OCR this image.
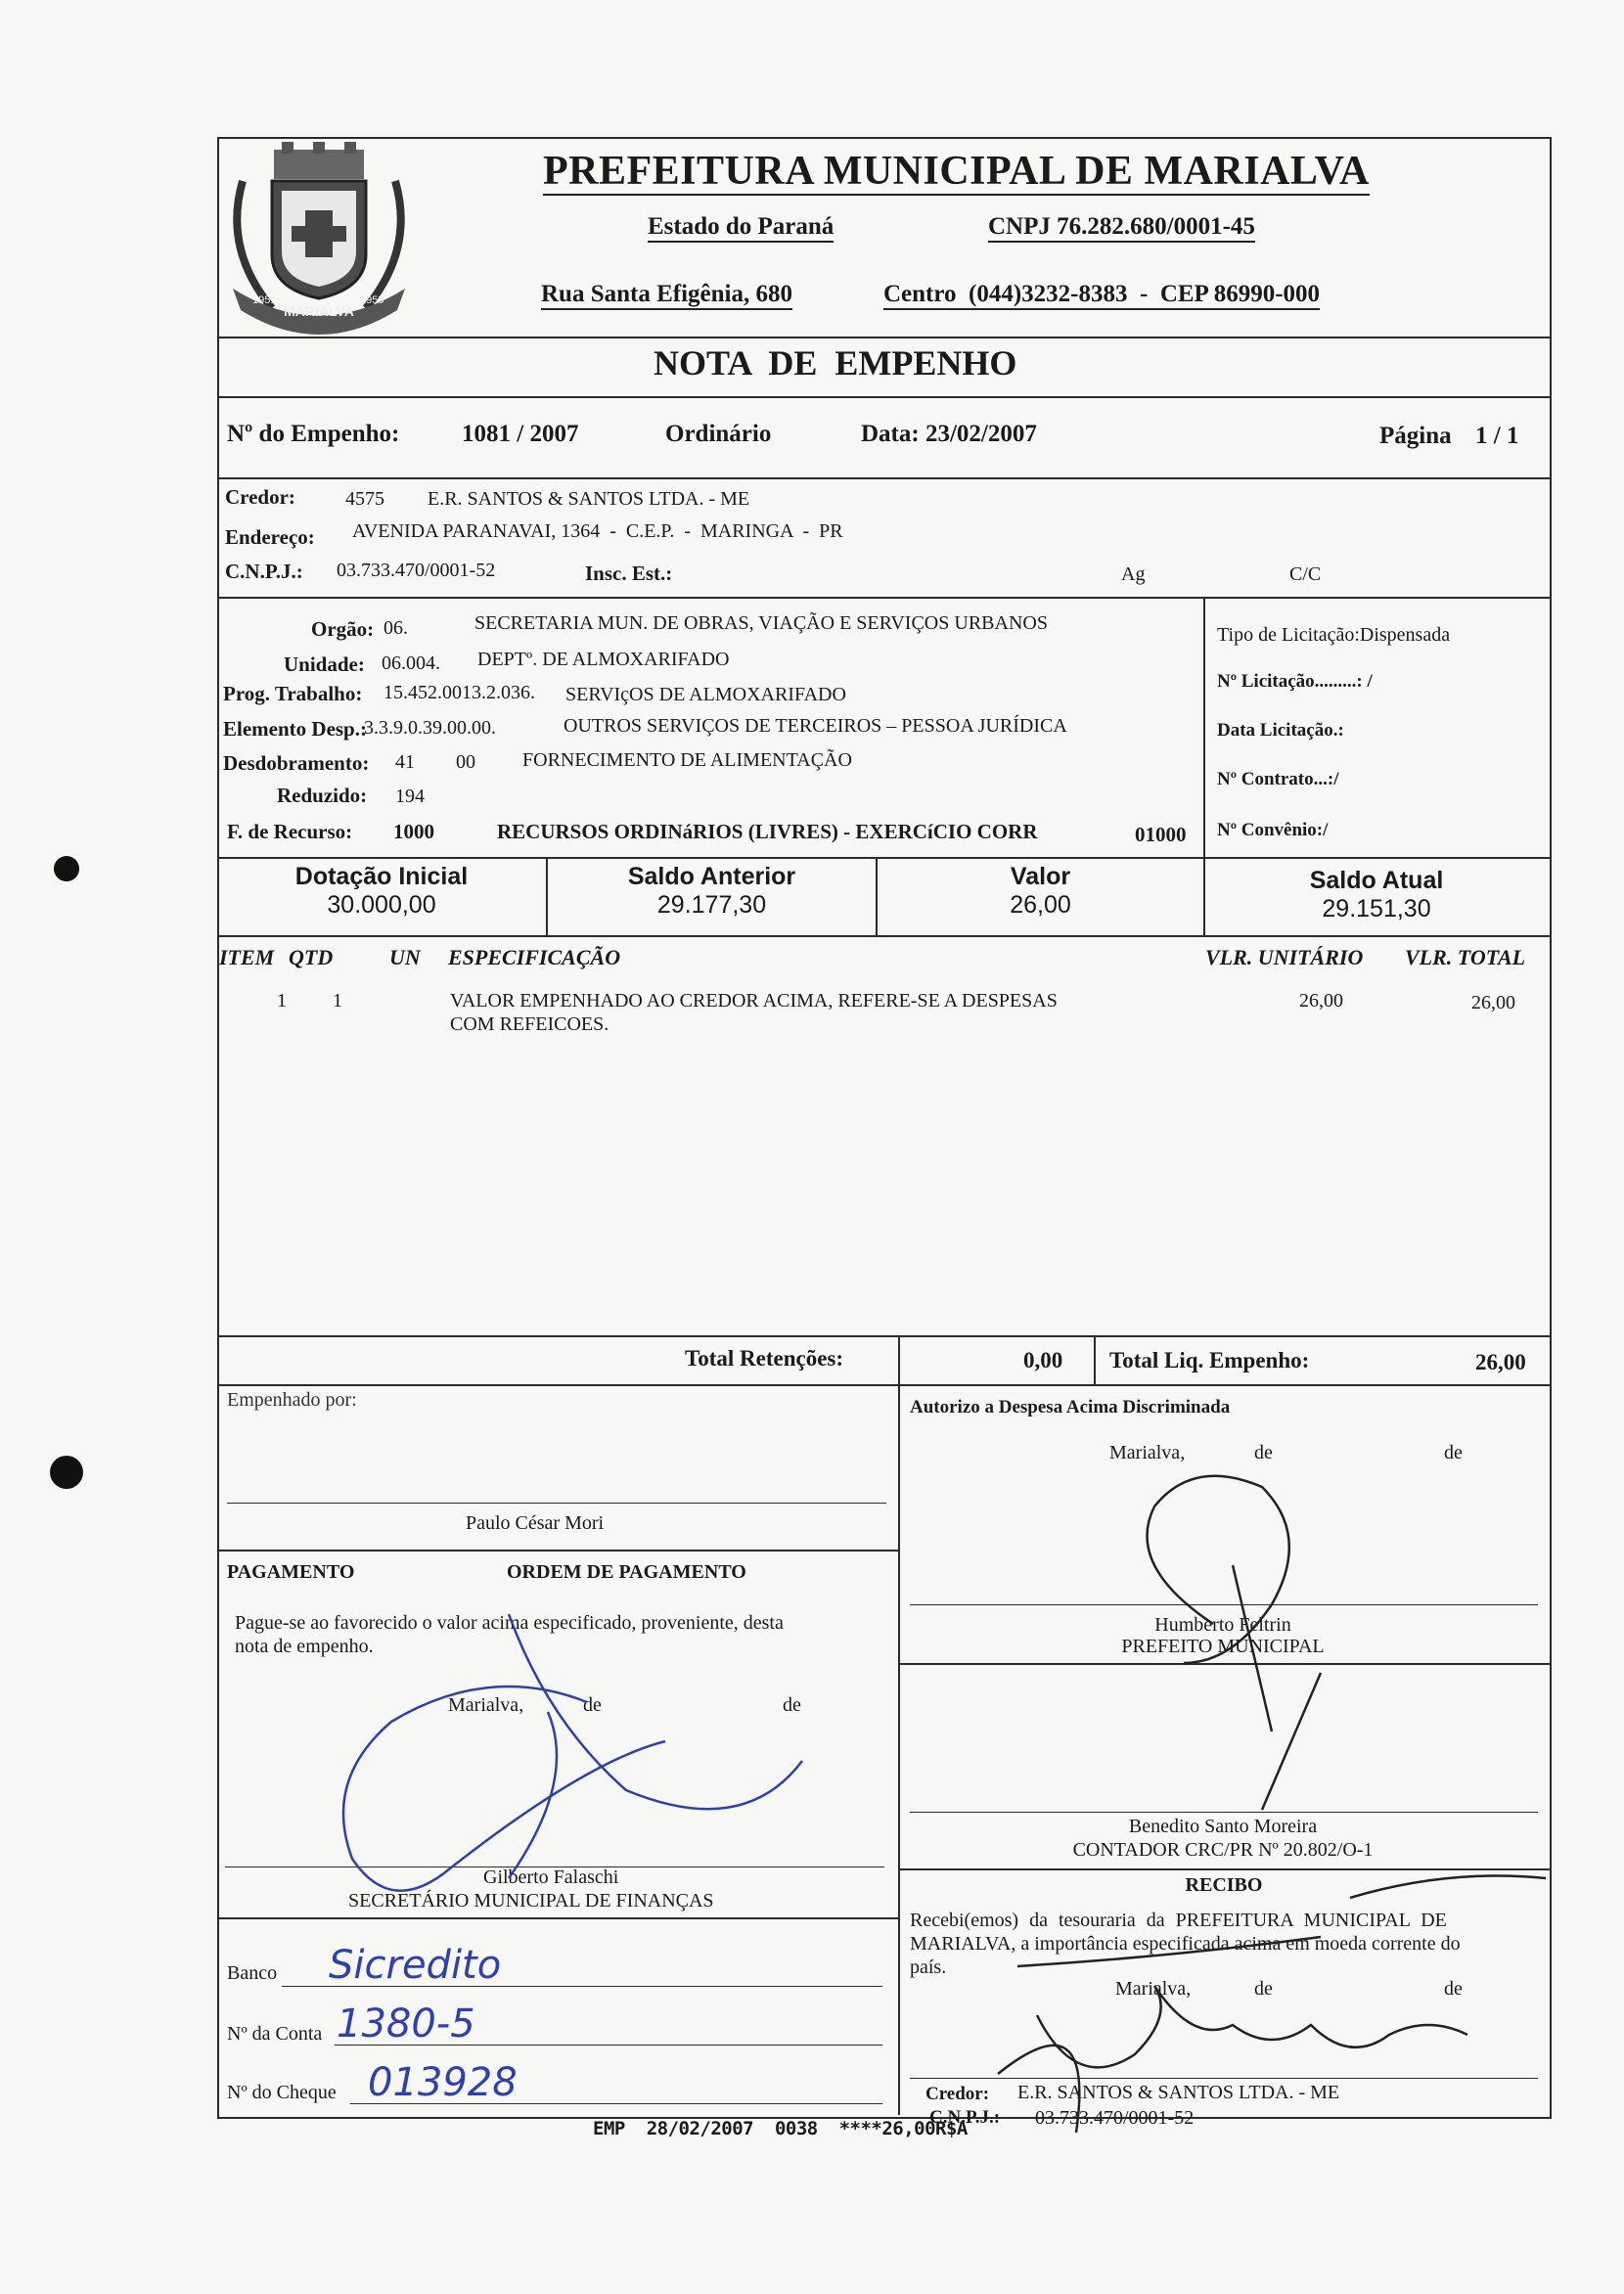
MARIALVA
1951	1955
PREFEITURA MUNICIPAL DE MARIALVA
Estado do Paraná	CNPJ 76.282.680/0001-45
Rua Santa Efigênia, 680	Centro  (044)3232-8383  -  CEP 86990-000
NOTA  DE  EMPENHO
Nº do Empenho:	1081 / 2007	Ordinário	Data: 23/02/2007	Página 1 / 1
Credor:	4575 E.R. SANTOS & SANTOS LTDA. - ME
Endereço: AVENIDA PARANAVAI, 1364  -  C.E.P.  -  MARINGA  -  PR
C.N.P.J.: 03.733.470/0001-52	Insc. Est.:	Ag	C/C
Orgão: 06.	SECRETARIA MUN. DE OBRAS, VIAÇÃO E SERVIÇOS URBANOS
Unidade: 06.004. DEPTº. DE ALMOXARIFADO
Prog. Trabalho: 15.452.0013.2.036. SERVIçOS DE ALMOXARIFADO
Elemento Desp.:
3.3.9.0.39.00.00.	OUTROS SERVIÇOS DE TERCEIROS – PESSOA JURÍDICA
Desdobramento: 41 00 FORNECIMENTO DE ALIMENTAÇÃO
Reduzido: 194
F. de Recurso: 1000	RECURSOS ORDINáRIOS (LIVRES) - EXERCíCIO CORR	01000
Tipo de Licitação:Dispensada
Nº Licitação.........: /
Data Licitação.:
Nº Contrato...:/
Nº Convênio:/
Dotação Inicial
30.000,00
Saldo Anterior
29.177,30
Valor
26,00
Saldo Atual
29.151,30
ITEM QTD	UN ESPECIFICAÇÃO	VLR. UNITÁRIO VLR. TOTAL
1 1	VALOR EMPENHADO AO CREDOR ACIMA, REFERE-SE A DESPESAS
COM REFEICOES.
26,00	26,00
Total Retenções:	0,00 Total Liq. Empenho:	26,00
Empenhado por:
Paulo César Mori
PAGAMENTO	ORDEM DE PAGAMENTO
Pague-se ao favorecido o valor acima especificado, proveniente, desta
nota de empenho.
Marialva,	de	de
Gilberto Falaschi
SECRETÁRIO MUNICIPAL DE FINANÇAS
Banco Sicredito
Nº da Conta 1380-5
Nº do Cheque 013928
Autorizo a Despesa Acima Discriminada
Marialva,	de	de
Humberto Feltrin
PREFEITO MUNICIPAL
Benedito Santo Moreira
CONTADOR CRC/PR Nº 20.802/O-1
RECIBO
Recebi(emos) da tesouraria da PREFEITURA MUNICIPAL DE
MARIALVA, a importância especificada acima em moeda corrente do
país.
Marialva,	de	de
Credor: E.R. SANTOS & SANTOS LTDA. - ME
C.N.P.J.: 03.733.470/0001-52
EMP  28/02/2007  0038  ****26,00R$A
